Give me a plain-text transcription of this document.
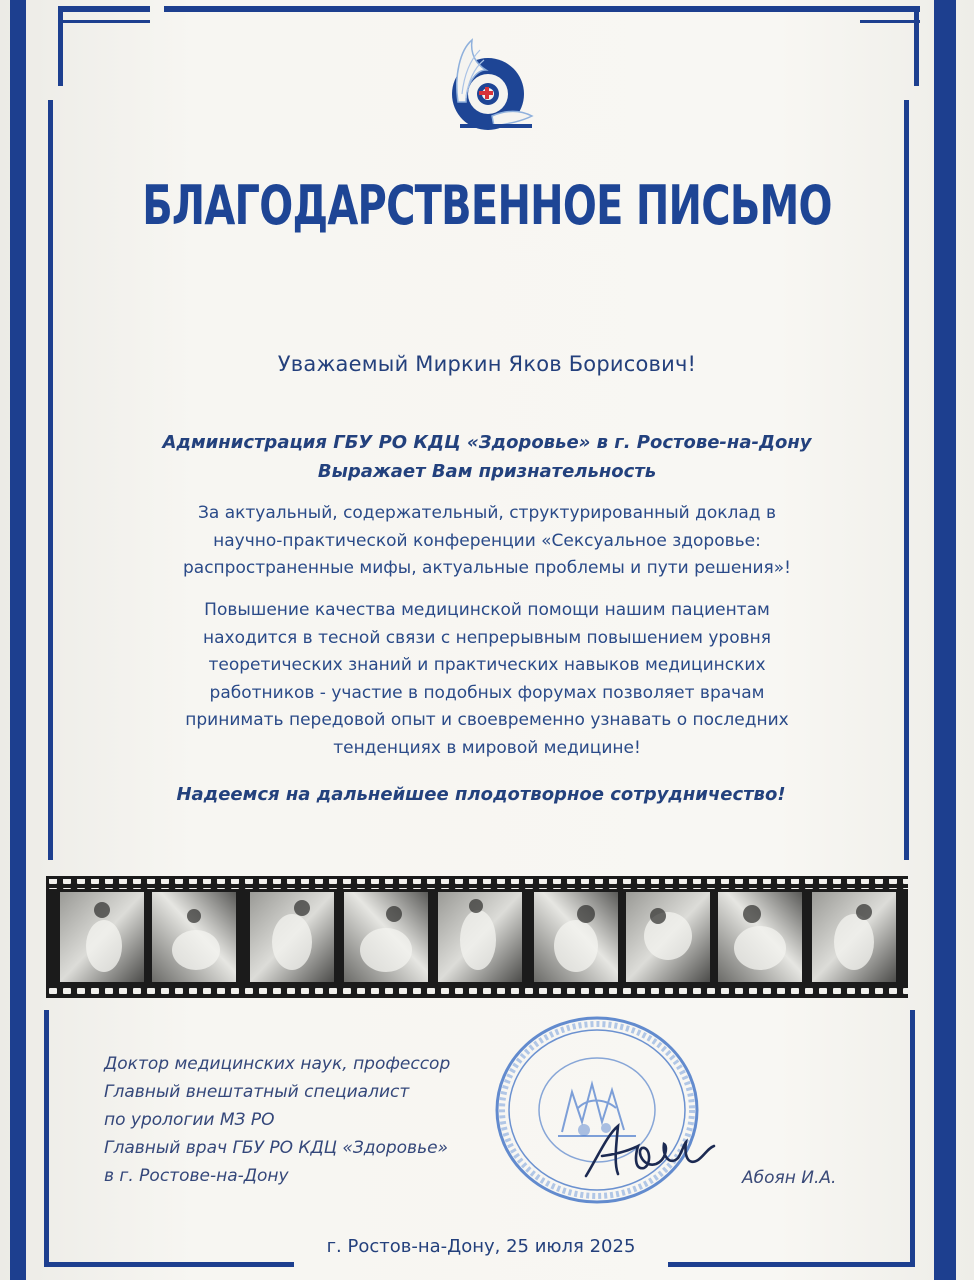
БЛАГОДАРСТВЕННОЕ ПИСЬМО
Уважаемый Миркин Яков Борисович!
Администрация ГБУ РО КДЦ «Здоровье» в г. Ростове-на-Дону
Выражает Вам признательность
За актуальный, содержательный, структурированный доклад в
научно-практической конференции «Сексуальное здоровье:
распространенные мифы, актуальные проблемы и пути решения»!
Повышение качества медицинской помощи нашим пациентам
находится в тесной связи с непрерывным повышением уровня
теоретических знаний и практических навыков медицинских
работников - участие в подобных форумах позволяет врачам
принимать передовой опыт и своевременно узнавать о последних
тенденциях в мировой медицине!
Надеемся на дальнейшее плодотворное сотрудничество!
Доктор медицинских наук, профессор
Главный внештатный специалист
по урологии МЗ РО
Главный врач ГБУ РО КДЦ «Здоровье»
в г. Ростове-на-Дону	Абоян И.А.
г. Ростов-на-Дону, 25 июля 2025
